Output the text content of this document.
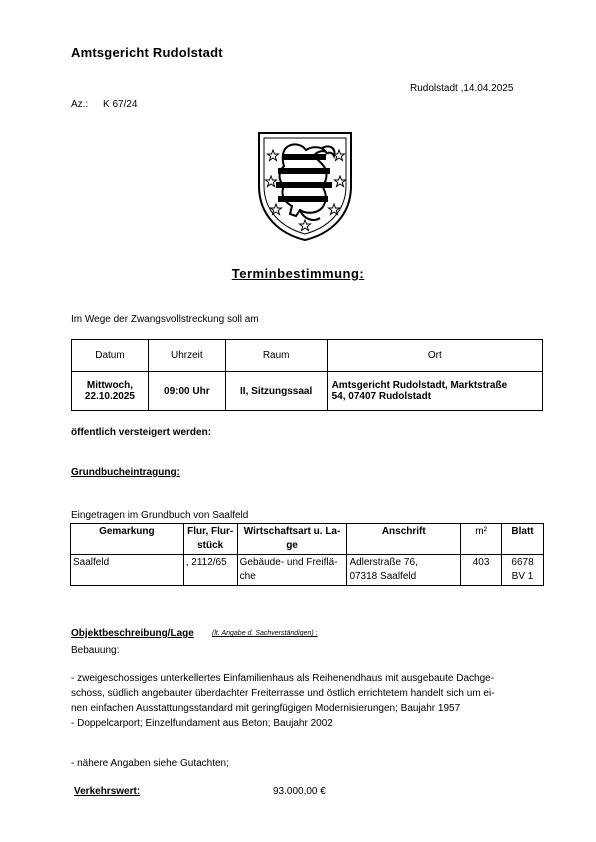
Amtsgericht Rudolstadt
Rudolstadt ,14.04.2025
Az.: K 67/24
Terminbestimmung:
Im Wege der Zwangsvollstreckung soll am
Datum	Uhrzeit	Raum	Ort
Mittwoch,
22.10.2025	09:00 Uhr	II, Sitzungssaal	Amtsgericht Rudolstadt, Marktstraße
54, 07407 Rudolstadt
öffentlich versteigert werden:
Grundbucheintragung:
Eingetragen im Grundbuch von Saalfeld
Gemarkung	Flur, Flur-
stück	Wirtschaftsart u. La-
ge	Anschrift	m²	Blatt
Saalfeld	, 2112/65	Gebäude- und Freiflä-
che	Adlerstraße 76,
07318 Saalfeld	403	6678
BV 1
Objektbeschreibung/Lage	(lt. Angabe d. Sachverständigen) :
Bebauung:
- zweigeschossiges unterkellertes Einfamilienhaus als Reihenendhaus mit ausgebaute Dachge-
schoss, südlich angebauter überdachter Freiterrasse und östlich errichtetem handelt sich um ei-
nen einfachen Ausstattungsstandard mit geringfügigen Modernisierungen; Baujahr 1957
- Doppelcarport; Einzelfundament aus Beton; Baujahr 2002
- nähere Angaben siehe Gutachten;
Verkehrswert:	93.000,00 €
